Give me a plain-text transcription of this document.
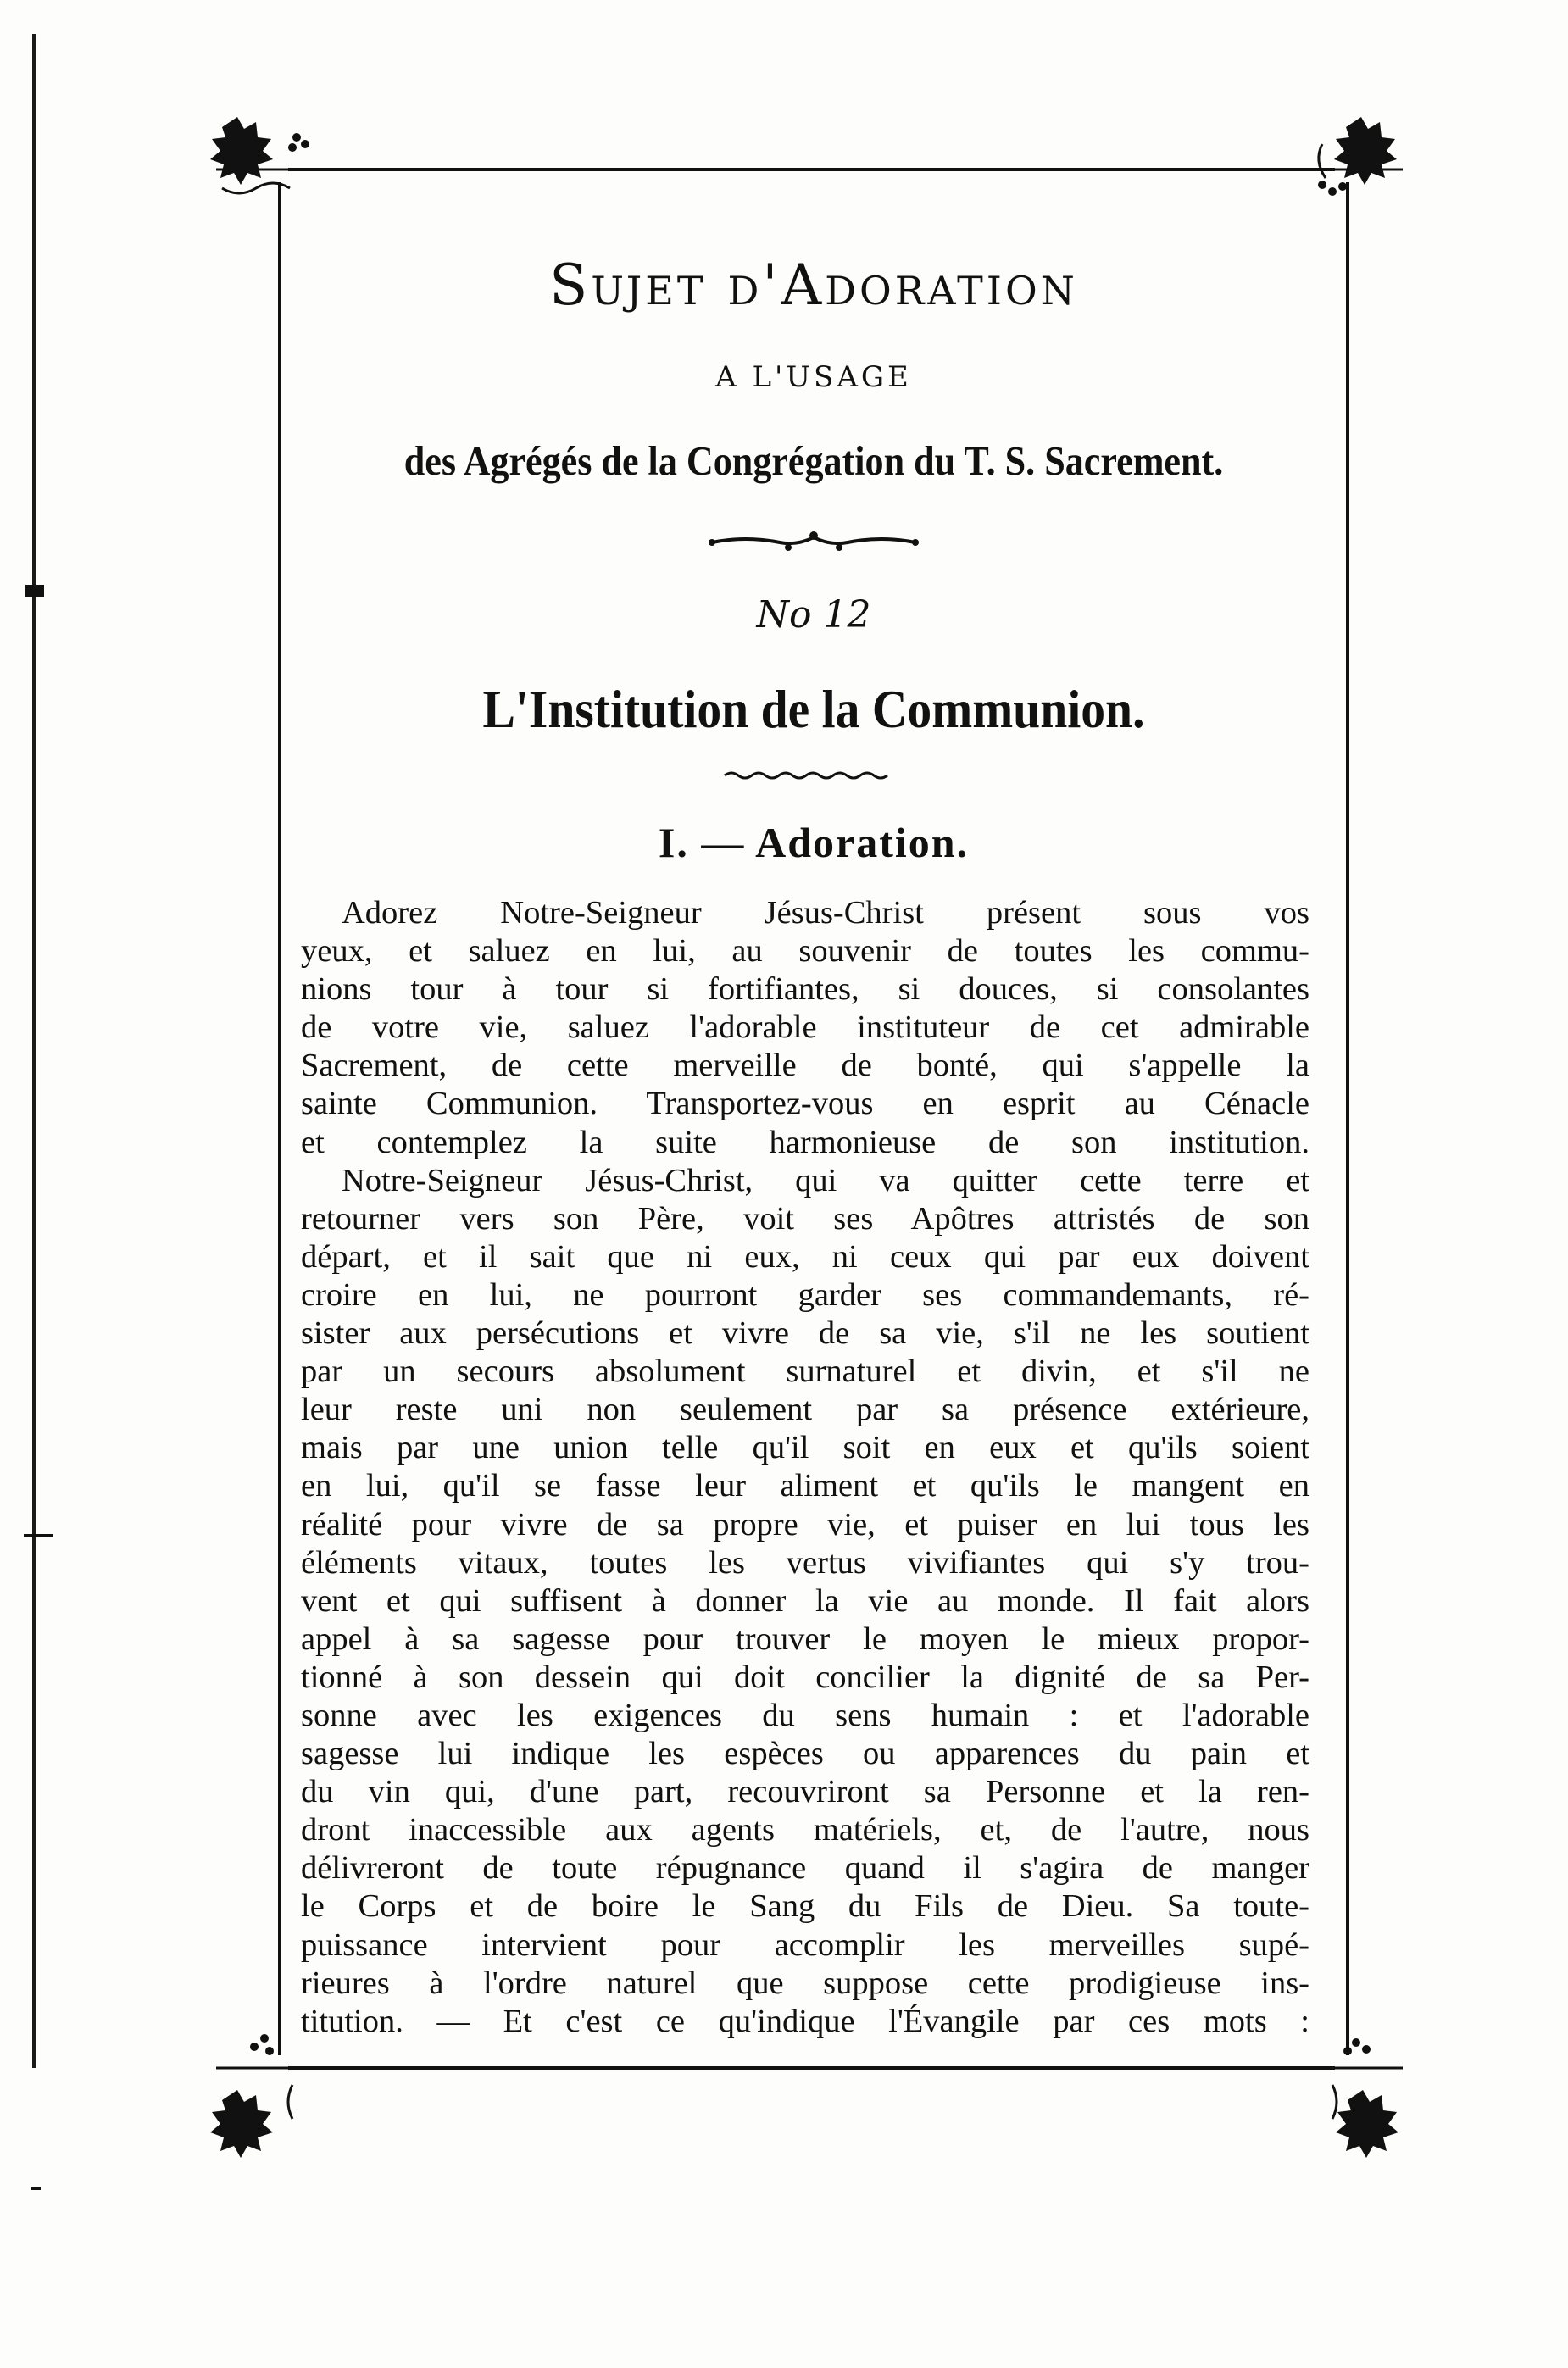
Sujet d'Adoration
A L'USAGE
des Agrégés de la Congrégation du T. S. Sacrement.
No 12
L'Institution de la Communion.
I. — Adoration.
Adorez Notre-Seigneur Jésus-Christ présent sous vos
yeux, et saluez en lui, au souvenir de toutes les commu-
nions tour à tour si fortifiantes, si douces, si consolantes
de votre vie, saluez l'adorable instituteur de cet admirable
Sacrement, de cette merveille de bonté, qui s'appelle la
sainte Communion. Transportez-vous en esprit au Cénacle
et contemplez la suite harmonieuse de son institution.
Notre-Seigneur Jésus-Christ, qui va quitter cette terre et
retourner vers son Père, voit ses Apôtres attristés de son
départ, et il sait que ni eux, ni ceux qui par eux doivent
croire en lui, ne pourront garder ses commandemants, ré-
sister aux persécutions et vivre de sa vie, s'il ne les soutient
par un secours absolument surnaturel et divin, et s'il ne
leur reste uni non seulement par sa présence extérieure,
mais par une union telle qu'il soit en eux et qu'ils soient
en lui, qu'il se fasse leur aliment et qu'ils le mangent en
réalité pour vivre de sa propre vie, et puiser en lui tous les
éléments vitaux, toutes les vertus vivifiantes qui s'y trou-
vent et qui suffisent à donner la vie au monde. Il fait alors
appel à sa sagesse pour trouver le moyen le mieux propor-
tionné à son dessein qui doit concilier la dignité de sa Per-
sonne avec les exigences du sens humain : et l'adorable
sagesse lui indique les espèces ou apparences du pain et
du vin qui, d'une part, recouvriront sa Personne et la ren-
dront inaccessible aux agents matériels, et, de l'autre, nous
délivreront de toute répugnance quand il s'agira de manger
le Corps et de boire le Sang du Fils de Dieu. Sa toute-
puissance intervient pour accomplir les merveilles supé-
rieures à l'ordre naturel que suppose cette prodigieuse ins-
titution. — Et c'est ce qu'indique l'Évangile par ces mots :
